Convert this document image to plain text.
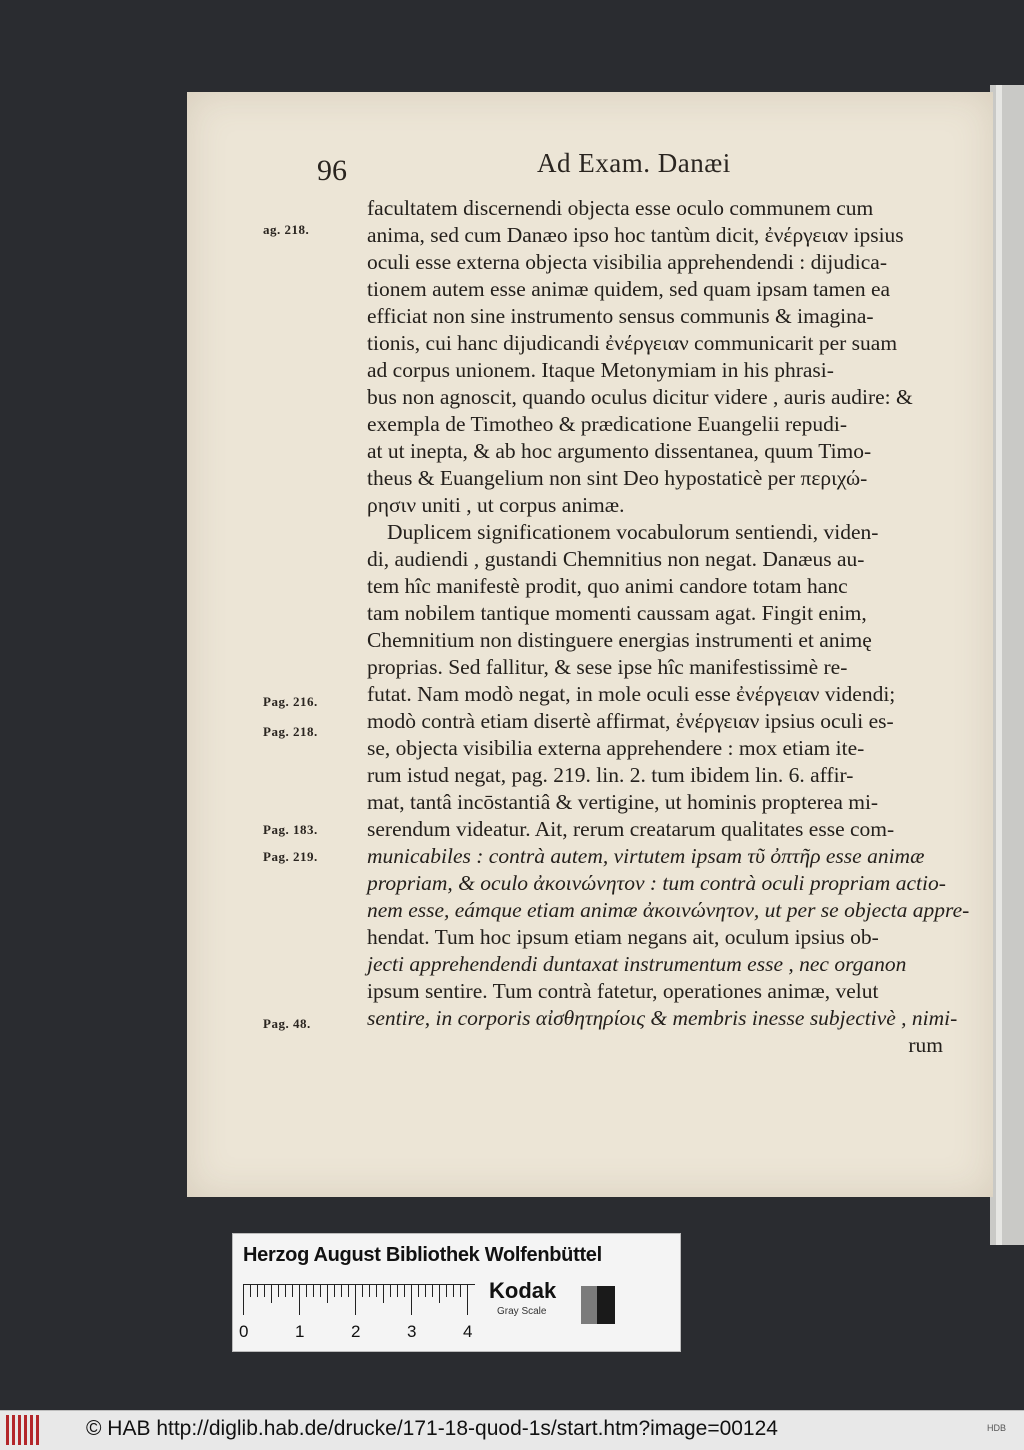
96	Ad Exam. Danæi
ag. 218.
Pag. 216.
Pag. 218.
Pag. 183.
Pag. 219.
Pag. 48.
facultatem discernendi objecta esse oculo communem cum
anima, sed cum Danæo ipso hoc tantùm dicit, ἐνέργειαν ipsius
oculi esse externa objecta visibilia apprehendendi : dijudica-
tionem autem esse animæ quidem, sed quam ipsam tamen ea
efficiat non sine instrumento sensus communis & imagina-
tionis, cui hanc dijudicandi ἐνέργειαν communicarit per suam
ad corpus unionem. Itaque Metonymiam in his phrasi-
bus non agnoscit, quando oculus dicitur videre , auris audire: &
exempla de Timotheo & prædicatione Euangelii repudi-
at ut inepta, & ab hoc argumento dissentanea, quum Timo-
theus & Euangelium non sint Deo hypostaticè per περιχώ-
ρησιν uniti , ut corpus animæ.
Duplicem significationem vocabulorum sentiendi, viden-
di, audiendi , gustandi Chemnitius non negat. Danæus au-
tem hîc manifestè prodit, quo animi candore totam hanc
tam nobilem tantique momenti caussam agat. Fingit enim,
Chemnitium non distinguere energias instrumenti et animę
proprias. Sed fallitur, & sese ipse hîc manifestissimè re-
futat. Nam modò negat, in mole oculi esse ἐνέργειαν videndi;
modò contrà etiam disertè affirmat, ἐνέργειαν ipsius oculi es-
se, objecta visibilia externa apprehendere : mox etiam ite-
rum istud negat, pag. 219. lin. 2. tum ibidem lin. 6. affir-
mat, tantâ incōstantiâ & vertigine, ut hominis propterea mi-
serendum videatur. Ait, rerum creatarum qualitates esse com-
municabiles : contrà autem, virtutem ipsam τῦ ὀπτῆρ esse animæ
propriam, & oculo ἀκοινώνητον : tum contrà oculi propriam actio-
nem esse, eámque etiam animæ ἀκοινώνητον, ut per se objecta appre-
hendat. Tum hoc ipsum etiam negans ait, oculum ipsius ob-
jecti apprehendendi duntaxat instrumentum esse , nec organon
ipsum sentire. Tum contrà fatetur, operationes animæ, velut
sentire, in corporis αἰσθητηρίοις & membris inesse subjectivè , nimi-
rum
Herzog August Bibliothek Wolfenbüttel
0	1	2	3	4
Kodak
Gray Scale
© HAB http://diglib.hab.de/drucke/171-18-quod-1s/start.htm?image=00124	HDB
